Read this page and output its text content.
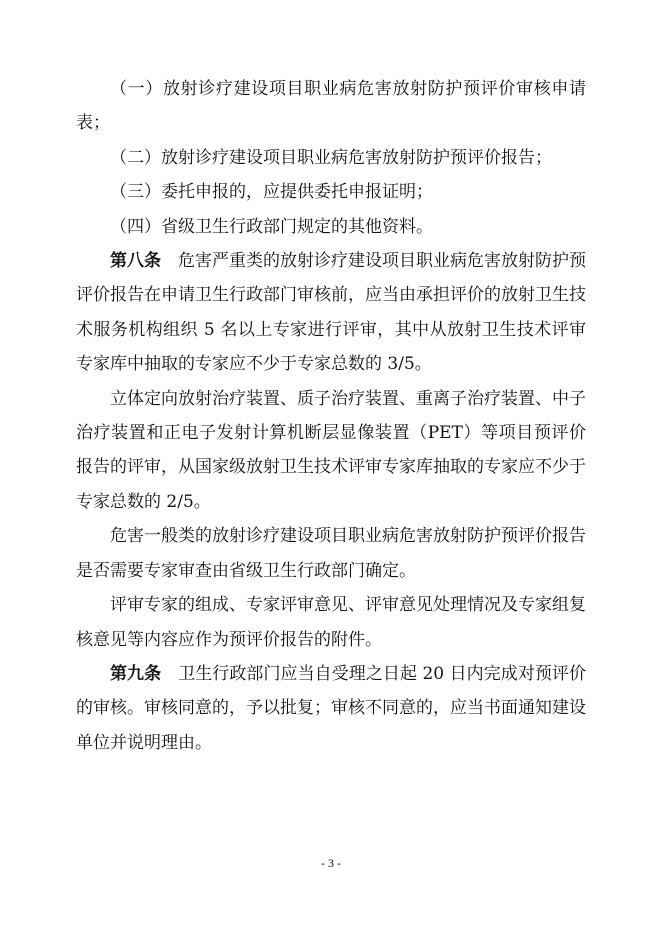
（一）放射诊疗建设项目职业病危害放射防护预评价审核申请表；

（二）放射诊疗建设项目职业病危害放射防护预评价报告；

（三）委托申报的，应提供委托申报证明；

（四）省级卫生行政部门规定的其他资料。

第八条 危害严重类的放射诊疗建设项目职业病危害放射防护预评价报告在申请卫生行政部门审核前，应当由承担评价的放射卫生技术服务机构组织 5 名以上专家进行评审，其中从放射卫生技术评审专家库中抽取的专家应不少于专家总数的 3/5。

立体定向放射治疗装置、质子治疗装置、重离子治疗装置、中子治疗装置和正电子发射计算机断层显像装置（PET）等项目预评价报告的评审，从国家级放射卫生技术评审专家库抽取的专家应不少于专家总数的 2/5。

危害一般类的放射诊疗建设项目职业病危害放射防护预评价报告是否需要专家审查由省级卫生行政部门确定。

评审专家的组成、专家评审意见、评审意见处理情况及专家组复核意见等内容应作为预评价报告的附件。

第九条 卫生行政部门应当自受理之日起 20 日内完成对预评价的审核。审核同意的，予以批复；审核不同意的，应当书面通知建设单位并说明理由。

- 3 -
